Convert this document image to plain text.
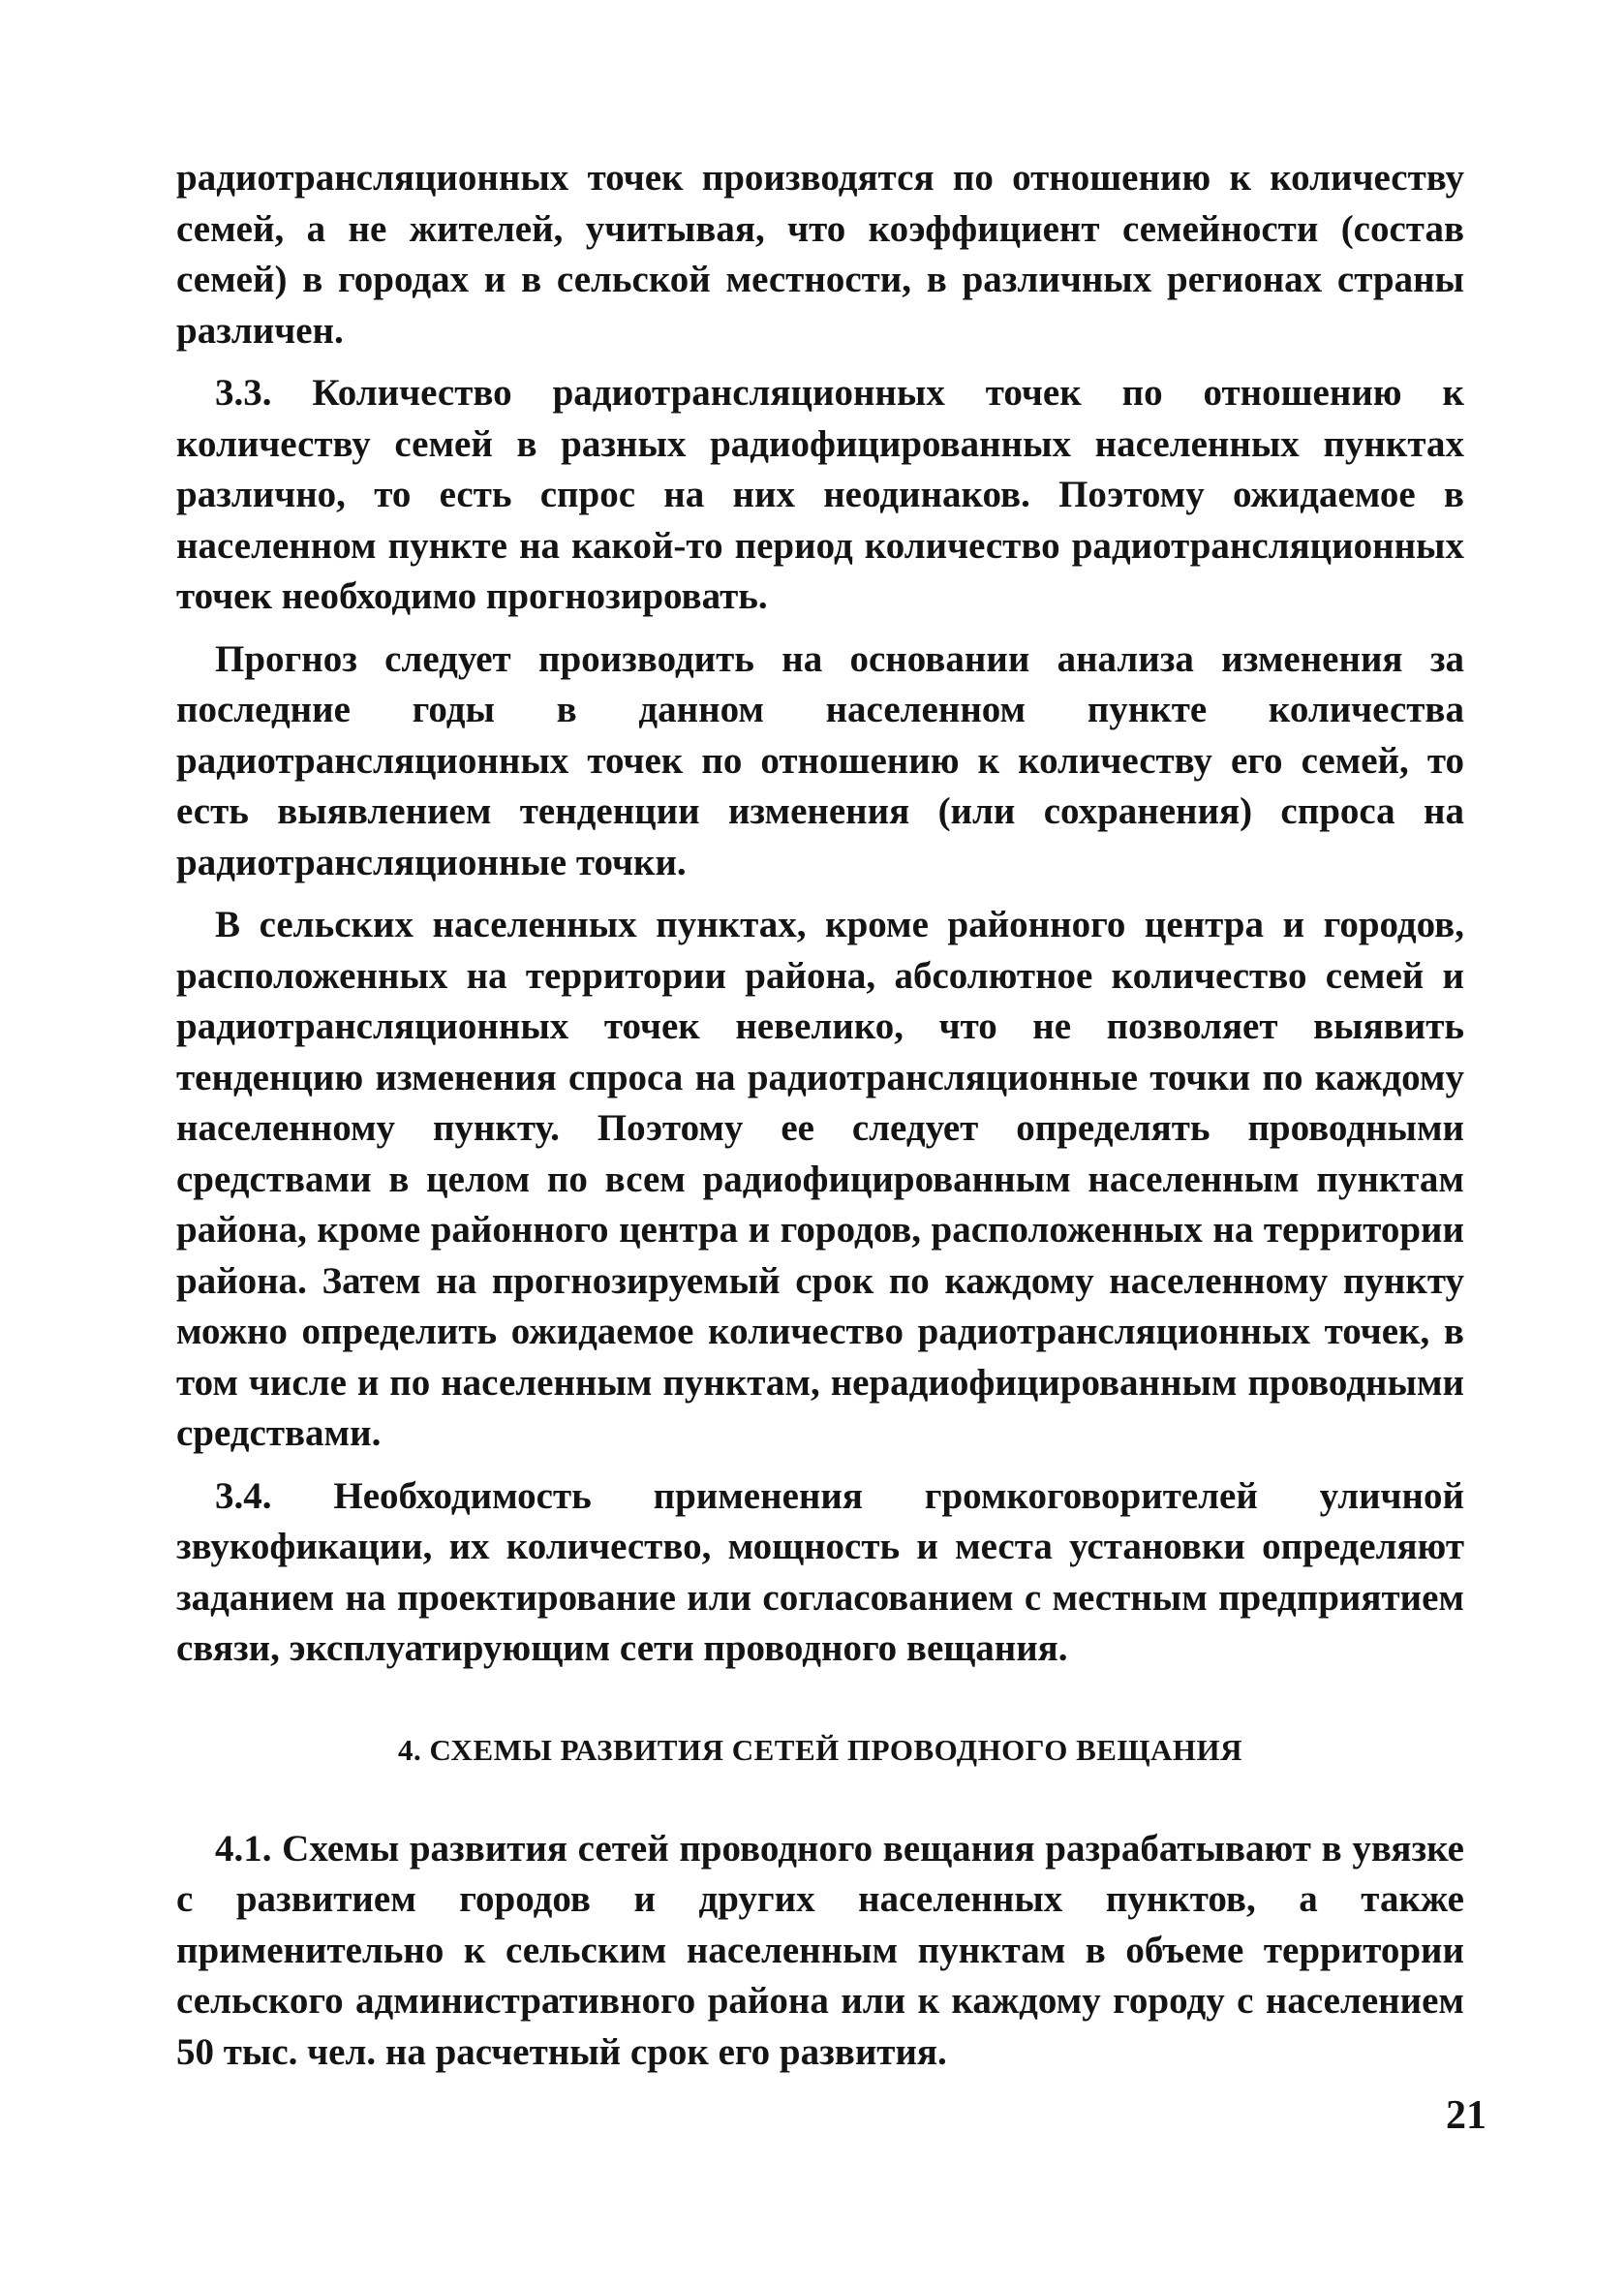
радиотрансляционных точек производятся по отношению к количеству семей, а не жителей, учитывая, что коэффициент семейности (состав семей) в городах и в сельской местности, в различных регионах страны различен.

3.3. Количество радиотрансляционных точек по отношению к количеству семей в разных радиофицированных населенных пунктах различно, то есть спрос на них неодинаков. Поэтому ожидаемое в населенном пункте на какой-то период количество радиотрансляционных точек необходимо прогнозировать.

Прогноз следует производить на основании анализа изменения за последние годы в данном населенном пункте количества радиотрансляционных точек по отношению к количеству его семей, то есть выявлением тенденции изменения (или сохранения) спроса на радиотрансляционные точки.

В сельских населенных пунктах, кроме районного центра и городов, расположенных на территории района, абсолютное количество семей и радиотрансляционных точек невелико, что не позволяет выявить тенденцию изменения спроса на радиотрансляционные точки по каждому населенному пункту. Поэтому ее следует определять проводными средствами в целом по всем радиофицированным населенным пунктам района, кроме районного центра и городов, расположенных на территории района. Затем на прогнозируемый срок по каждому населенному пункту можно определить ожидаемое количество радиотрансляционных точек, в том числе и по населенным пунктам, нерадиофицированным проводными средствами.

3.4. Необходимость применения громкоговорителей уличной звукофикации, их количество, мощность и места установки определяют заданием на проектирование или согласованием с местным предприятием связи, эксплуатирующим сети проводного вещания.

4. СХЕМЫ РАЗВИТИЯ СЕТЕЙ ПРОВОДНОГО ВЕЩАНИЯ

4.1. Схемы развития сетей проводного вещания разрабатывают в увязке с развитием городов и других населенных пунктов, а также применительно к сельским населенным пунктам в объеме территории сельского административного района или к каждому городу с населением 50 тыс. чел. на расчетный срок его развития.

21
